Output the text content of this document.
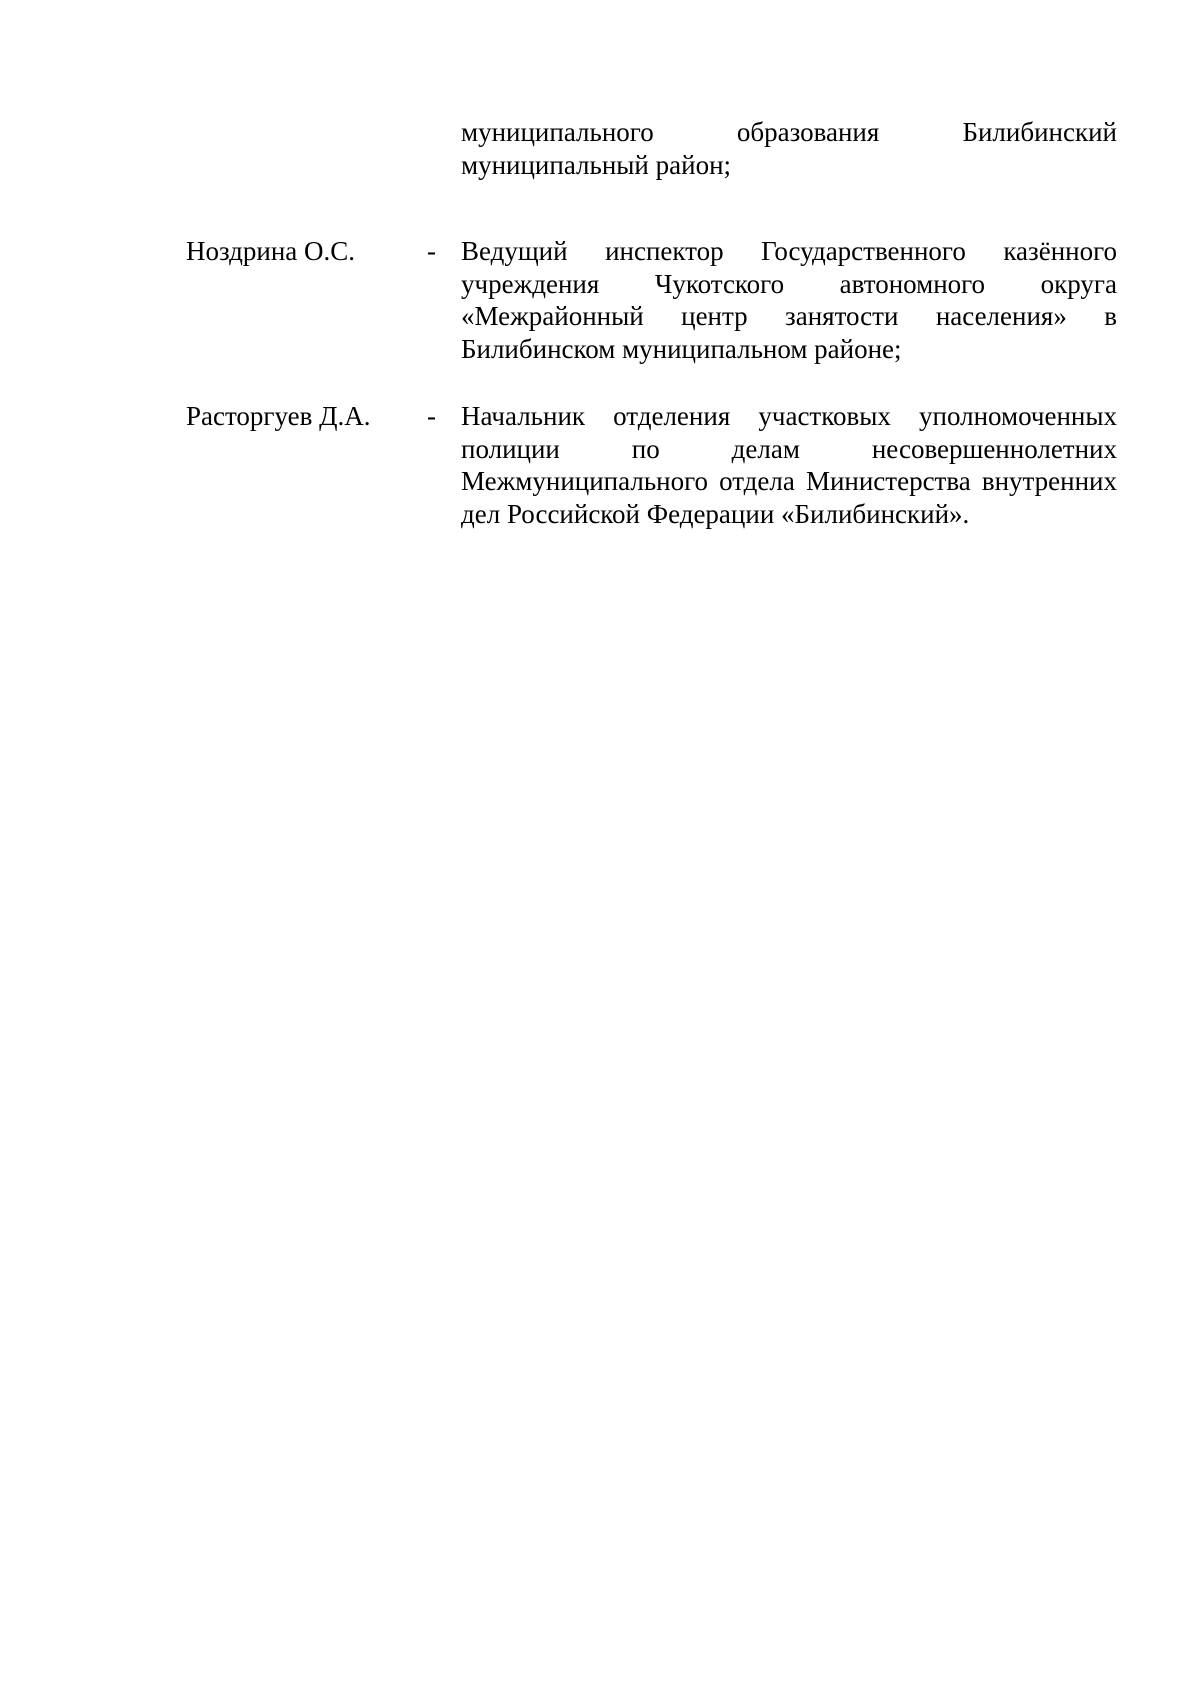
муниципального образования Билибинский муниципальный район;
Ноздрина О.С.	- Ведущий инспектор Государственного казённого учреждения Чукотского автономного округа «Межрайонный центр занятости населения» в Билибинском муниципальном районе;
Расторгуев Д.А. - Начальник отделения участковых уполномоченных полиции по делам несовершеннолетних Межмуниципального отдела Министерства внутренних дел Российской Федерации «Билибинский».
